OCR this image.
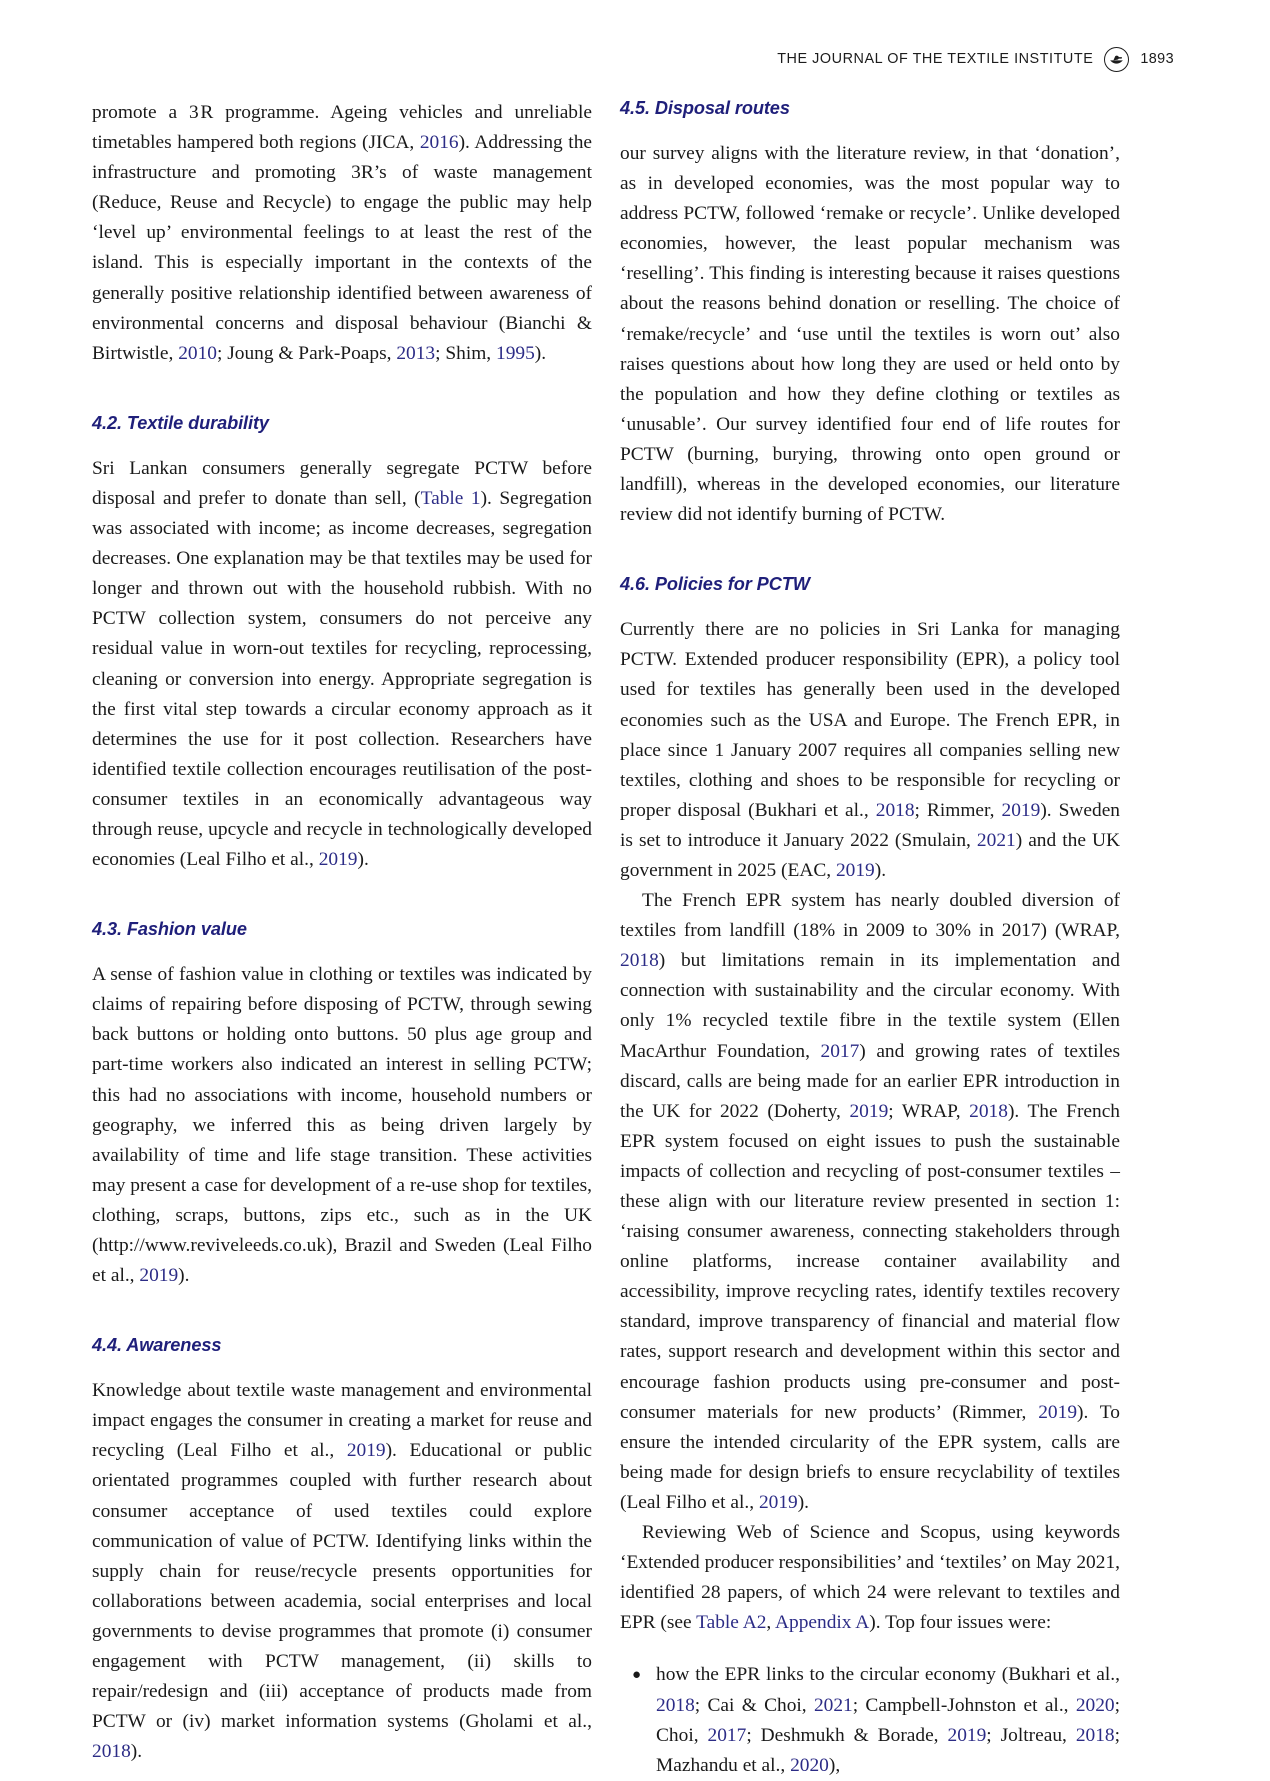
THE JOURNAL OF THE TEXTILE INSTITUTE	1893

promote a 3 R programme. Ageing vehicles and unreliable timetables hampered both regions (JICA, 2016). Addressing the infrastructure and promoting 3R’s of waste management (Reduce, Reuse and Recycle) to engage the public may help ‘level up’ environmental feelings to at least the rest of the island. This is especially important in the contexts of the generally positive relationship identified between awareness of environmental concerns and disposal behaviour (Bianchi & Birtwistle, 2010; Joung & Park-Poaps, 2013; Shim, 1995).

4.2. Textile durability

Sri Lankan consumers generally segregate PCTW before disposal and prefer to donate than sell, (Table 1). Segregation was associated with income; as income decreases, segregation decreases. One explanation may be that textiles may be used for longer and thrown out with the household rubbish. With no PCTW collection system, consumers do not perceive any residual value in worn-out textiles for recycling, reprocessing, cleaning or conversion into energy. Appropriate segregation is the first vital step towards a circular economy approach as it determines the use for it post collection. Researchers have identified textile collection encourages reutilisation of the post-consumer textiles in an economically advantageous way through reuse, upcycle and recycle in technologically developed economies (Leal Filho et al., 2019).

4.3. Fashion value

A sense of fashion value in clothing or textiles was indicated by claims of repairing before disposing of PCTW, through sewing back buttons or holding onto buttons. 50 plus age group and part-time workers also indicated an interest in selling PCTW; this had no associations with income, household numbers or geography, we inferred this as being driven largely by availability of time and life stage transition. These activities may present a case for development of a re-use shop for textiles, clothing, scraps, buttons, zips etc., such as in the UK (http://www.reviveleeds.co.uk), Brazil and Sweden (Leal Filho et al., 2019).

4.4. Awareness

Knowledge about textile waste management and environmental impact engages the consumer in creating a market for reuse and recycling (Leal Filho et al., 2019). Educational or public orientated programmes coupled with further research about consumer acceptance of used textiles could explore communication of value of PCTW. Identifying links within the supply chain for reuse/recycle presents opportunities for collaborations between academia, social enterprises and local governments to devise programmes that promote (i) consumer engagement with PCTW management, (ii) skills to repair/redesign and (iii) acceptance of products made from PCTW or (iv) market information systems (Gholami et al., 2018).

4.5. Disposal routes

our survey aligns with the literature review, in that ‘donation’, as in developed economies, was the most popular way to address PCTW, followed ‘remake or recycle’. Unlike developed economies, however, the least popular mechanism was ‘reselling’. This finding is interesting because it raises questions about the reasons behind donation or reselling. The choice of ‘remake/recycle’ and ‘use until the textiles is worn out’ also raises questions about how long they are used or held onto by the population and how they define clothing or textiles as ‘unusable’. Our survey identified four end of life routes for PCTW (burning, burying, throwing onto open ground or landfill), whereas in the developed economies, our literature review did not identify burning of PCTW.

4.6. Policies for PCTW

Currently there are no policies in Sri Lanka for managing PCTW. Extended producer responsibility (EPR), a policy tool used for textiles has generally been used in the developed economies such as the USA and Europe. The French EPR, in place since 1 January 2007 requires all companies selling new textiles, clothing and shoes to be responsible for recycling or proper disposal (Bukhari et al., 2018; Rimmer, 2019). Sweden is set to introduce it January 2022 (Smulain, 2021) and the UK government in 2025 (EAC, 2019).

The French EPR system has nearly doubled diversion of textiles from landfill (18% in 2009 to 30% in 2017) (WRAP, 2018) but limitations remain in its implementation and connection with sustainability and the circular economy. With only 1% recycled textile fibre in the textile system (Ellen MacArthur Foundation, 2017) and growing rates of textiles discard, calls are being made for an earlier EPR introduction in the UK for 2022 (Doherty, 2019; WRAP, 2018). The French EPR system focused on eight issues to push the sustainable impacts of collection and recycling of post-consumer textiles – these align with our literature review presented in section 1: ‘raising consumer awareness, connecting stakeholders through online platforms, increase container availability and accessibility, improve recycling rates, identify textiles recovery standard, improve transparency of financial and material flow rates, support research and development within this sector and encourage fashion products using pre-consumer and post-consumer materials for new products’ (Rimmer, 2019). To ensure the intended circularity of the EPR system, calls are being made for design briefs to ensure recyclability of textiles (Leal Filho et al., 2019).

Reviewing Web of Science and Scopus, using keywords ‘Extended producer responsibilities’ and ‘textiles’ on May 2021, identified 28 papers, of which 24 were relevant to textiles and EPR (see Table A2, Appendix A). Top four issues were:

● how the EPR links to the circular economy (Bukhari et al., 2018; Cai & Choi, 2021; Campbell-Johnston et al., 2020; Choi, 2017; Deshmukh & Borade, 2019; Joltreau, 2018; Mazhandu et al., 2020),
